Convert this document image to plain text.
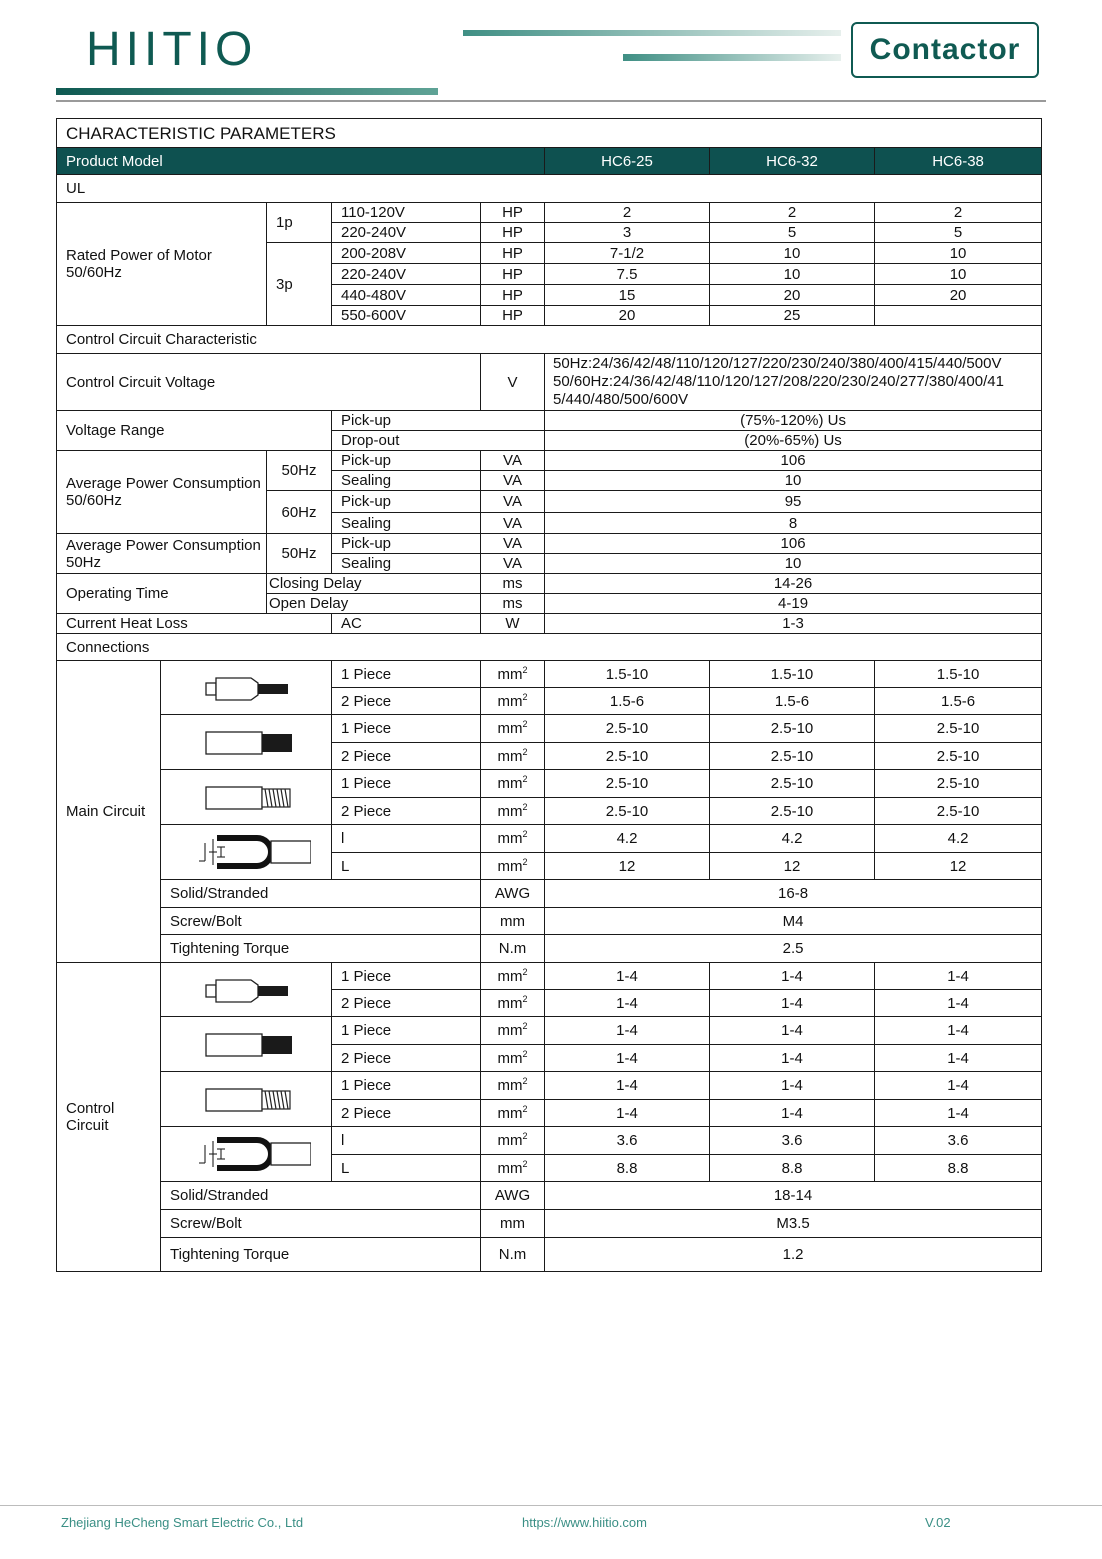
HIITIO	Contactor
CHARACTERISTIC PARAMETERS							
Product Model					HC6-25	HC6-32	HC6-38
UL							
Rated Power of Motor 50/60Hz		1p	110-120V	HP	2	2	2
			220-240V	HP	3	5	5
		3p	200-208V	HP	7-1/2	10	10
			220-240V	HP	7.5	10	10
			440-480V	HP	15	20	20
			550-600V	HP	20	25	
Control Circuit Characteristic							
Control Circuit Voltage				V	50Hz:24/36/42/48/110/120/127/220/230/240/380/400/415/440/500V
50/60Hz:24/36/42/48/110/120/127/208/220/230/240/277/380/400/41
5/440/480/500/600V		

Voltage Range			Pick-up		(75%-120%) Us		
			Drop-out		(20%-65%) Us		
Average Power Consumption 50/60Hz		50Hz	Pick-up	VA	106		
			Sealing	VA	10		
		60Hz	Pick-up	VA	95		
			Sealing	VA	8		
Average Power Consumption 50Hz		50Hz	Pick-up	VA	106		
			Sealing	VA	10		
Operating Time		Closing Delay		ms	14-26		
		Open Delay		ms	4-19		
Current Heat Loss			AC	W	1-3		
Connections							
Main Circuit			1 Piece	$mm^2$	1.5-10	1.5-10	1.5-10
			2 Piece	$mm^2$	1.5-6	1.5-6	1.5-6

	1 Piece	$mm^2$	2.5-10	2.5-10	2.5-10
			2 Piece	$mm^2$	2.5-10	2.5-10	2.5-10

	1 Piece	$mm^2$	2.5-10	2.5-10	2.5-10
			2 Piece	$mm^2$	2.5-10	2.5-10	2.5-10

	l	$mm^2$	4.2	4.2	4.2
			L	$mm^2$	12	12	12
	Solid/Stranded			AWG	16-8		
	Screw/Bolt			mm	M4		
	Tightening Torque			N.m	2.5		
Control Circuit			1 Piece	$mm^2$	1-4	1-4	1-4
			2 Piece	$mm^2$	1-4	1-4	1-4

	1 Piece	$mm^2$	1-4	1-4	1-4
			2 Piece	$mm^2$	1-4	1-4	1-4

	1 Piece	$mm^2$	1-4	1-4	1-4
			2 Piece	$mm^2$	1-4	1-4	1-4

	l	$mm^2$	3.6	3.6	3.6
			L	$mm^2$	8.8	8.8	8.8
	Solid/Stranded			AWG	18-14		
	Screw/Bolt			mm	M3.5		
	Tightening Torque			N.m	1.2		
Zhejiang HeCheng Smart Electric Co., Ltd	https://www.hiitio.com	V.02
